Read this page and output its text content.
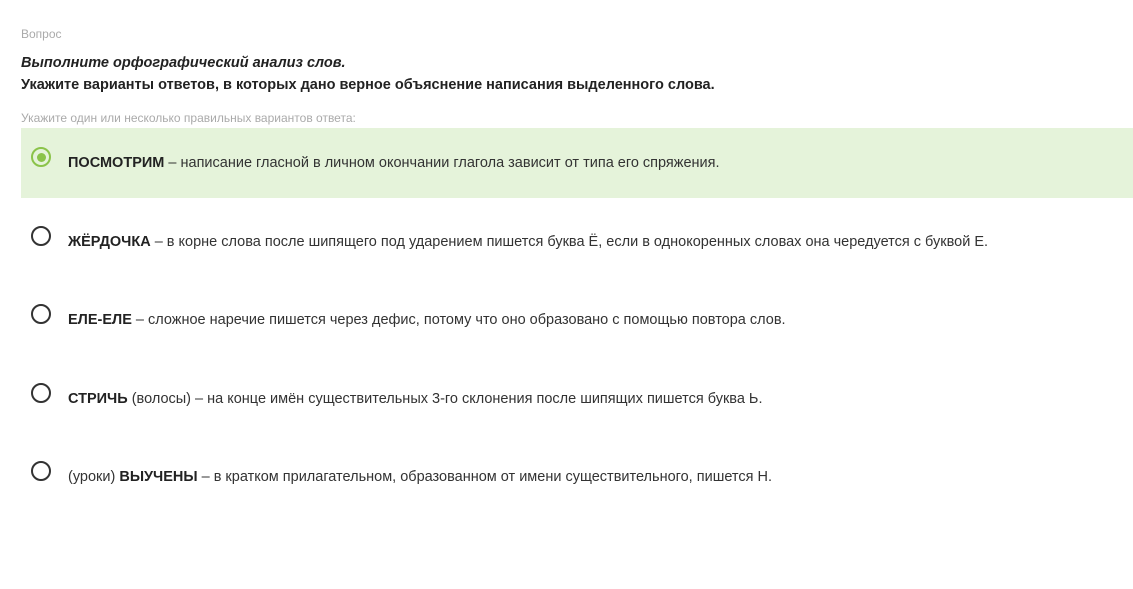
Вопрос
Выполните орфографический анализ слов.
Укажите варианты ответов, в которых дано верное объяснение написания выделенного слова.
Укажите один или несколько правильных вариантов ответа:
ПОСМОТРИМ – написание гласной в личном окончании глагола зависит от типа его спряжения.
ЖЁРДОЧКА – в корне слова после шипящего под ударением пишется буква Ё, если в однокоренных словах она чередуется с буквой Е.
ЕЛЕ-ЕЛЕ – сложное наречие пишется через дефис, потому что оно образовано с помощью повтора слов.
СТРИЧЬ (волосы) – на конце имён существительных 3-го склонения после шипящих пишется буква Ь.
(уроки) ВЫУЧЕНЫ – в кратком прилагательном, образованном от имени существительного, пишется Н.
